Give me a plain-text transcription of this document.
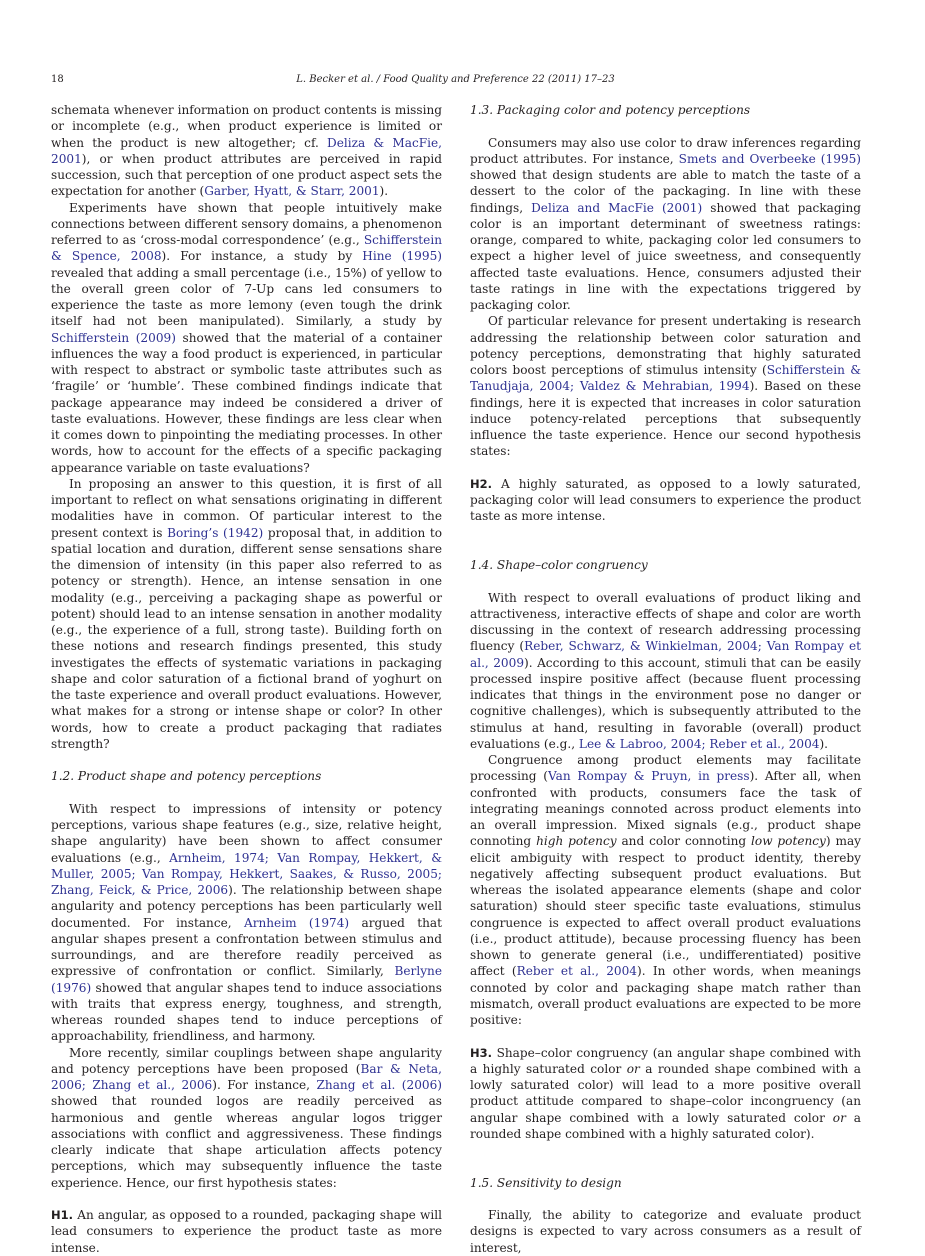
18	L. Becker et al. / Food Quality and Preference 22 (2011) 17–23

schemata whenever information on product contents is missing or incomplete (e.g., when product experience is limited or when the product is new altogether; cf. Deliza & MacFie, 2001), or when product attributes are perceived in rapid succession, such that perception of one product aspect sets the expectation for another (Garber, Hyatt, & Starr, 2001).

Experiments have shown that people intuitively make connections between different sensory domains, a phenomenon referred to as ‘cross-modal correspondence’ (e.g., Schifferstein & Spence, 2008). For instance, a study by Hine (1995) revealed that adding a small percentage (i.e., 15%) of yellow to the overall green color of 7-Up cans led consumers to experience the taste as more lemony (even tough the drink itself had not been manipulated). Similarly, a study by Schifferstein (2009) showed that the material of a container influences the way a food product is experienced, in particular with respect to abstract or symbolic taste attributes such as ‘fragile’ or ‘humble’. These combined findings indicate that package appearance may indeed be considered a driver of taste evaluations. However, these findings are less clear when it comes down to pinpointing the mediating processes. In other words, how to account for the effects of a specific packaging appearance variable on taste evaluations?

In proposing an answer to this question, it is first of all important to reflect on what sensations originating in different modalities have in common. Of particular interest to the present context is Boring’s (1942) proposal that, in addition to spatial location and duration, different sense sensations share the dimension of intensity (in this paper also referred to as potency or strength). Hence, an intense sensation in one modality (e.g., perceiving a packaging shape as powerful or potent) should lead to an intense sensation in another modality (e.g., the experience of a full, strong taste). Building forth on these notions and research findings presented, this study investigates the effects of systematic variations in packaging shape and color saturation of a fictional brand of yoghurt on the taste experience and overall product evaluations. However, what makes for a strong or intense shape or color? In other words, how to create a product packaging that radiates strength?

1.2. Product shape and potency perceptions

With respect to impressions of intensity or potency perceptions, various shape features (e.g., size, relative height, shape angularity) have been shown to affect consumer evaluations (e.g., Arnheim, 1974; Van Rompay, Hekkert, & Muller, 2005; Van Rompay, Hekkert, Saakes, & Russo, 2005; Zhang, Feick, & Price, 2006). The relationship between shape angularity and potency perceptions has been particularly well documented. For instance, Arnheim (1974) argued that angular shapes present a confrontation between stimulus and surroundings, and are therefore readily perceived as expressive of confrontation or conflict. Similarly, Berlyne (1976) showed that angular shapes tend to induce associations with traits that express energy, toughness, and strength, whereas rounded shapes tend to induce perceptions of approachability, friendliness, and harmony.

More recently, similar couplings between shape angularity and potency perceptions have been proposed (Bar & Neta, 2006; Zhang et al., 2006). For instance, Zhang et al. (2006) showed that rounded logos are readily perceived as harmonious and gentle whereas angular logos trigger associations with conflict and aggressiveness. These findings clearly indicate that shape articulation affects potency perceptions, which may subsequently influence the taste experience. Hence, our first hypothesis states:

H1. An angular, as opposed to a rounded, packaging shape will lead consumers to experience the product taste as more intense.

1.3. Packaging color and potency perceptions

Consumers may also use color to draw inferences regarding product attributes. For instance, Smets and Overbeeke (1995) showed that design students are able to match the taste of a dessert to the color of the packaging. In line with these findings, Deliza and MacFie (2001) showed that packaging color is an important determinant of sweetness ratings: orange, compared to white, packaging color led consumers to expect a higher level of juice sweetness, and consequently affected taste evaluations. Hence, consumers adjusted their taste ratings in line with the expectations triggered by packaging color.

Of particular relevance for present undertaking is research addressing the relationship between color saturation and potency perceptions, demonstrating that highly saturated colors boost perceptions of stimulus intensity (Schifferstein & Tanudjaja, 2004; Valdez & Mehrabian, 1994). Based on these findings, here it is expected that increases in color saturation induce potency-related perceptions that subsequently influence the taste experience. Hence our second hypothesis states:

H2. A highly saturated, as opposed to a lowly saturated, packaging color will lead consumers to experience the product taste as more intense.

1.4. Shape–color congruency

With respect to overall evaluations of product liking and attractiveness, interactive effects of shape and color are worth discussing in the context of research addressing processing fluency (Reber, Schwarz, & Winkielman, 2004; Van Rompay et al., 2009). According to this account, stimuli that can be easily processed inspire positive affect (because fluent processing indicates that things in the environment pose no danger or cognitive challenges), which is subsequently attributed to the stimulus at hand, resulting in favorable (overall) product evaluations (e.g., Lee & Labroo, 2004; Reber et al., 2004).

Congruence among product elements may facilitate processing (Van Rompay & Pruyn, in press). After all, when confronted with products, consumers face the task of integrating meanings connoted across product elements into an overall impression. Mixed signals (e.g., product shape connoting high potency and color connoting low potency) may elicit ambiguity with respect to product identity, thereby negatively affecting subsequent product evaluations. But whereas the isolated appearance elements (shape and color saturation) should steer specific taste evaluations, stimulus congruence is expected to affect overall product evaluations (i.e., product attitude), because processing fluency has been shown to generate general (i.e., undifferentiated) positive affect (Reber et al., 2004). In other words, when meanings connoted by color and packaging shape match rather than mismatch, overall product evaluations are expected to be more positive:

H3. Shape–color congruency (an angular shape combined with a highly saturated color or a rounded shape combined with a lowly saturated color) will lead to a more positive overall product attitude compared to shape–color incongruency (an angular shape combined with a lowly saturated color or a rounded shape combined with a highly saturated color).

1.5. Sensitivity to design

Finally, the ability to categorize and evaluate product designs is expected to vary across consumers as a result of interest,
